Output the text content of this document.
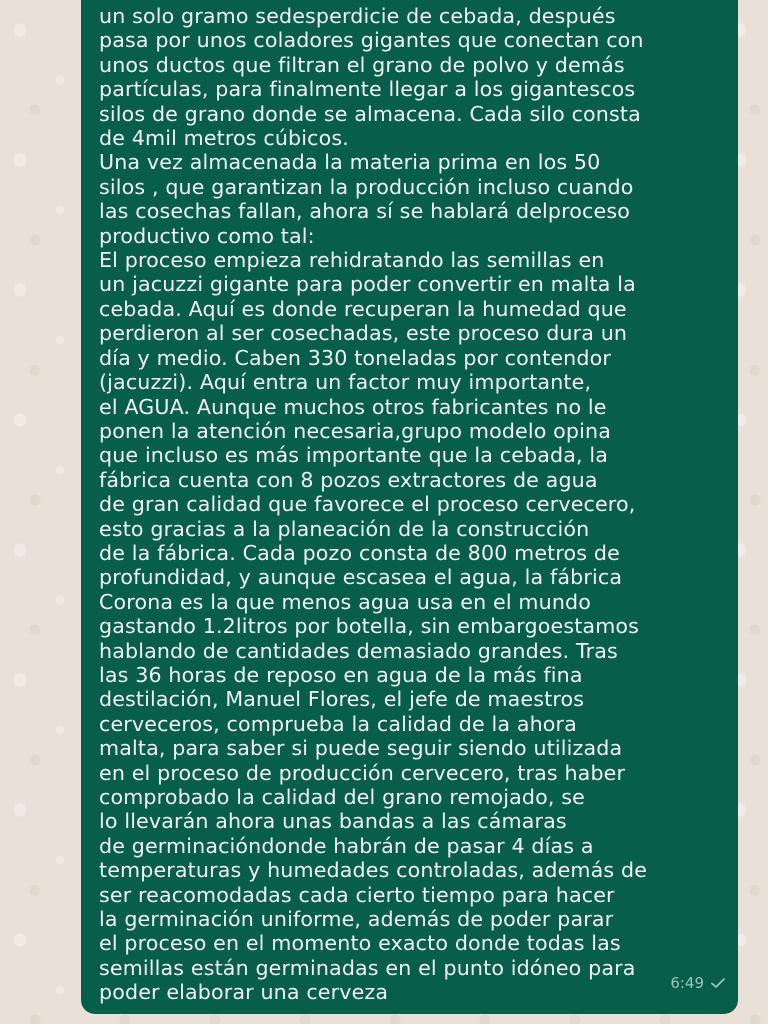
un solo gramo sedesperdicie de cebada, después
pasa por unos coladores gigantes que conectan con
unos ductos que filtran el grano de polvo y demás
partículas, para finalmente llegar a los gigantescos
silos de grano donde se almacena. Cada silo consta
de 4mil metros cúbicos.
Una vez almacenada la materia prima en los 50
silos , que garantizan la producción incluso cuando
las cosechas fallan, ahora sí se hablará delproceso
productivo como tal:
El proceso empieza rehidratando las semillas en
un jacuzzi gigante para poder convertir en malta la
cebada. Aquí es donde recuperan la humedad que
perdieron al ser cosechadas, este proceso dura un
día y medio. Caben 330 toneladas por contendor
(jacuzzi). Aquí entra un factor muy importante,
el AGUA. Aunque muchos otros fabricantes no le
ponen la atención necesaria,grupo modelo opina
que incluso es más importante que la cebada, la
fábrica cuenta con 8 pozos extractores de agua
de gran calidad que favorece el proceso cervecero,
esto gracias a la planeación de la construcción
de la fábrica. Cada pozo consta de 800 metros de
profundidad, y aunque escasea el agua, la fábrica
Corona es la que menos agua usa en el mundo
gastando 1.2litros por botella, sin embargoestamos
hablando de cantidades demasiado grandes. Tras
las 36 horas de reposo en agua de la más fina
destilación, Manuel Flores, el jefe de maestros
cerveceros, comprueba la calidad de la ahora
malta, para saber si puede seguir siendo utilizada
en el proceso de producción cervecero, tras haber
comprobado la calidad del grano remojado, se
lo llevarán ahora unas bandas a las cámaras
de germinacióndonde habrán de pasar 4 días a
temperaturas y humedades controladas, además de
ser reacomodadas cada cierto tiempo para hacer
la germinación uniforme, además de poder parar
el proceso en el momento exacto donde todas las
semillas están germinadas en el punto idóneo para
poder elaborar una cerveza	6:49
